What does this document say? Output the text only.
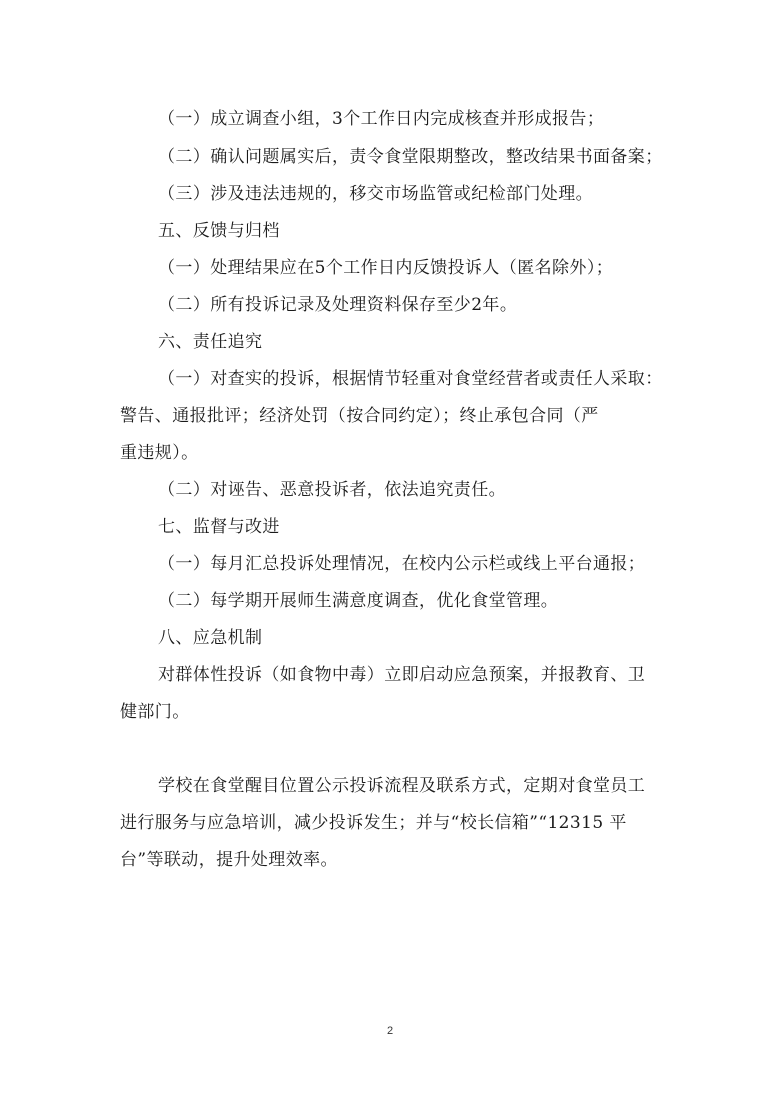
（一）成立调查小组，3个工作日内完成核查并形成报告；
（二）确认问题属实后，责令食堂限期整改，整改结果书面备案；
（三）涉及违法违规的，移交市场监管或纪检部门处理。
五、反馈与归档
（一）处理结果应在5个工作日内反馈投诉人（匿名除外）；
（二）所有投诉记录及处理资料保存至少2年。
六、责任追究
（一）对查实的投诉，根据情节轻重对食堂经营者或责任人采取：
警告、通报批评；经济处罚（按合同约定）；终止承包合同（严
重违规）。
（二）对诬告、恶意投诉者，依法追究责任。
七、监督与改进
（一）每月汇总投诉处理情况，在校内公示栏或线上平台通报；
（二）每学期开展师生满意度调查，优化食堂管理。
八、应急机制
对群体性投诉（如食物中毒）立即启动应急预案，并报教育、卫
健部门。
学校在食堂醒目位置公示投诉流程及联系方式，定期对食堂员工
进行服务与应急培训，减少投诉发生；并与“校长信箱”“12315 平
台”等联动，提升处理效率。
2
